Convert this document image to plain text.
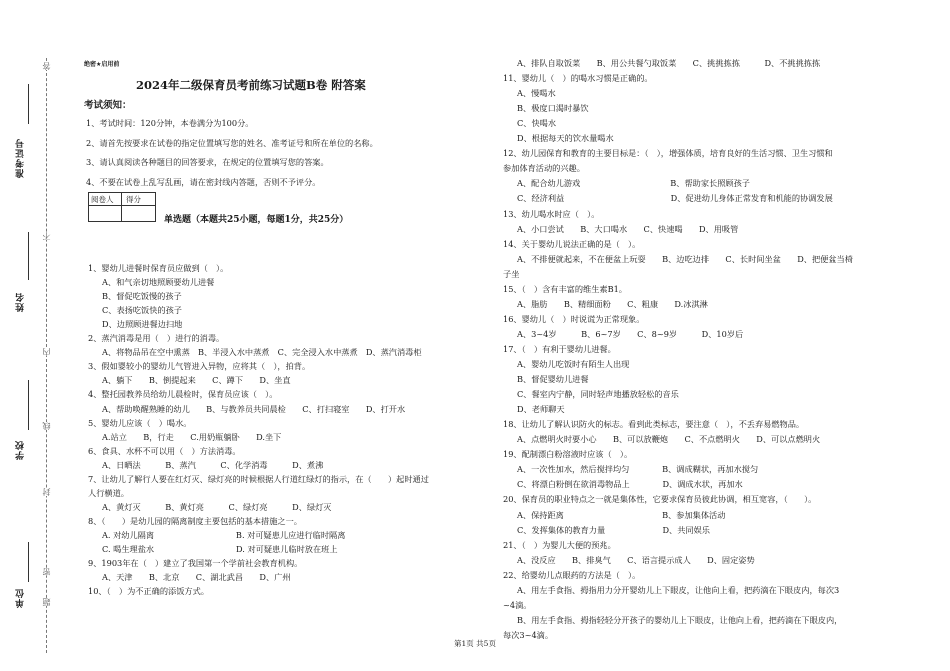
准考证号
姓名
学校
单位
答
不
内
线
封
密
题
绝密★启用前
2024年二级保育员考前练习试题B卷 附答案
考试须知：
1、考试时间：120分钟，本卷满分为100分。
2、请首先按要求在试卷的指定位置填写您的姓名、准考证号和所在单位的名称。
3、请认真阅读各种题目的回答要求，在规定的位置填写您的答案。
4、不要在试卷上乱写乱画，请在密封线内答题，否则不予评分。
阅卷人 得分
单选题（本题共25小题，每题1分，共25分）
1、婴幼儿进餐时保育员应做到（　）。
A、和气亲切地照顾要幼儿进餐
B、督促吃饭慢的孩子
C、表扬吃饭快的孩子
D、边照顾进餐边扫地
2、蒸汽消毒是用（　）进行的消毒。
A、将物品吊在空中熏蒸　B、半浸入水中蒸煮　C、完全浸入水中蒸煮　D、蒸汽消毒柜
3、假如婴较小的婴幼儿气管进入异物，应将其（　），拍背。
A、躺下　　B、倒提起来　　C、蹲下　　D、坐直
4、整托园教养员给幼儿晨检时，保育员应该（　）。
A、帮助唤醒熟睡的幼儿　　B、与教养员共同晨检　　C、打扫寝室　　D、打开水
5、婴幼儿应该（　）喝水。
A.站立　　B，行走　　C.用奶瓶躺卧　　D.坐下
6、食具、水杯不可以用（　）方法消毒。
A、日晒法　　　B、蒸汽　　　C、化学消毒　　　D、煮沸
7、让幼儿了解行人要在红灯灭、绿灯亮的时候根据人行道红绿灯的指示，在（　　）起时通过
人行横道。
A、黄灯灭　　　B、黄灯亮　　　C、绿灯亮　　　D、绿灯灭
8、（　　）是幼儿园的隔离制度主要包括的基本措施之一。
A. 对幼儿隔离　　　　　　　　　　B. 对可疑患儿应进行临时隔离
C. 喝生理盐水　　　　　　　　　　D. 对可疑患儿临时放在班上
9、1903年在（　）建立了我国第一个学前社会教育机构。
A、天津　　B、北京　　C、湖北武昌　　D、广州
10、（　）为不正确的添饭方式。
A、排队自取饭菜　　B、用公共餐勺取饭菜　　C、挑挑拣拣　　　D、不挑挑拣拣
11、婴幼儿（　）的喝水习惯是正确的。
A、慢喝水
B、极度口渴时暴饮
C、快喝水
D、根据每天的饮水量喝水
12、幼儿园保育和教育的主要目标是：（　），增强体质，培育良好的生活习惯、卫生习惯和
参加体育活动的兴趣。
A、配合幼儿游戏　　　　　　　　　　　B、帮助家长照顾孩子
C、经济利益　　　　　　　　　　　　　D、促进幼儿身体正常发育和机能的协调发展
13、幼儿喝水时应（　）。
A、小口尝试　　B、大口喝水　　C、快速喝　　D、用吸管
14、关于婴幼儿说法正确的是（　）。
A、不排便就起来，不在便盆上玩耍　　B、边吃边排　　C、长时间坐盆　　D、把便盆当椅
子坐
15、（　）含有丰富的维生素B1。
A、脂肪　　B、精细面粉　　C、粗康　　D.冰淇淋
16、婴幼儿（　）时说谎为正常现象。
A、3~4岁　　　B、6~7岁　　C、8~9岁　　　D、10岁后
17、（　）有利于婴幼儿进餐。
A、婴幼儿吃饭时有陌生人出现
B、督促婴幼儿进餐
C、餐室内宁静，同时轻声地播放轻松的音乐
D、老师聊天
18、让幼儿了解认识防火的标志。看到此类标志，要注意（　），不丢弃易燃物品。
A、点燃明火时要小心　　B、可以放鞭炮　　C、不点燃明火　　D、可以点燃明火
19、配制漂白粉溶液时应该（　）。
A、一次性加水，然后搅拌均匀　　　　B、调成糊状，再加水搅匀
C、将漂白粉倒在欲消毒物品上　　　　D、调成水状，再加水
20、保育员的职业特点之一就是集体性，它要求保育员彼此协调，相互宽容，（　　）。
A、保持距离　　　　　　　　　　　　B、参加集体活动
C、发挥集体的教育力量　　　　　　　D、共同娱乐
21、（　）为婴儿大便的预兆。
A、没反应　　B、排臭气　　C、语言提示成人　　D、固定姿势
22、给婴幼儿点眼药的方法是（　）。
A、用左手食指、拇指用力分开婴幼儿上下眼皮，让他向上看，把药滴在下眼皮内，每次3
~4滴。
B、用左手食指、拇指轻轻分开孩子的婴幼儿上下眼皮，让他向上看，把药滴在下眼皮内，
每次3~4滴。
第1页 共5页
